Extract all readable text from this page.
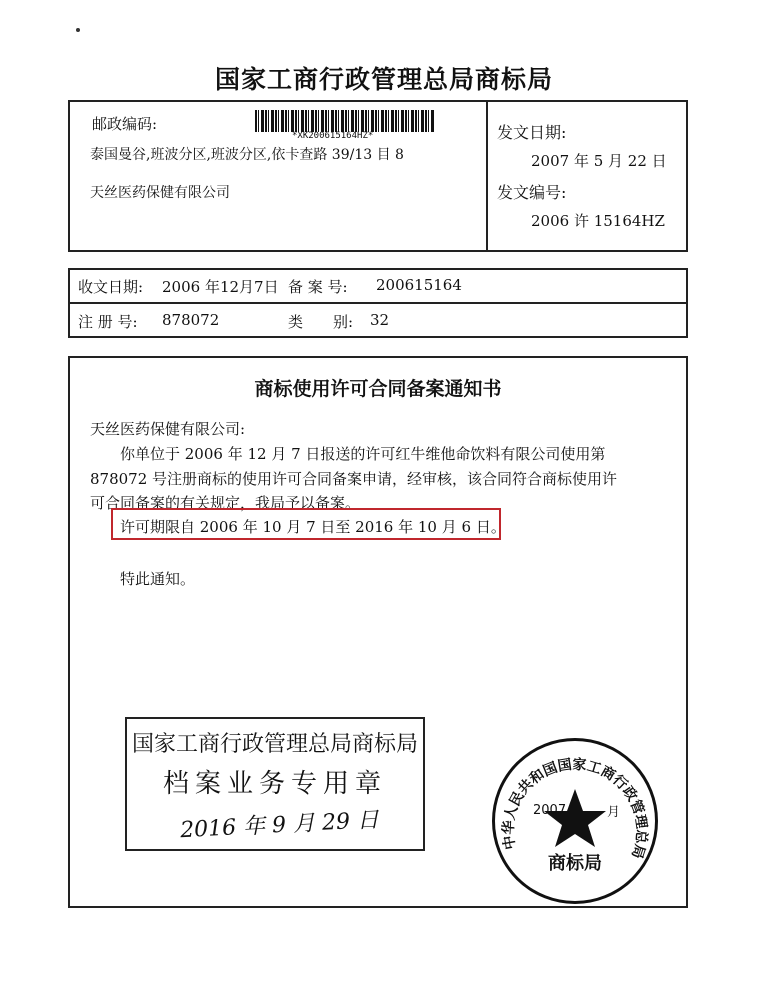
国家工商行政管理总局商标局
邮政编码:
*XK200615164HZ*
泰国曼谷,班波分区,班波分区,依卡查路 39/13 目 8
天丝医药保健有限公司
发文日期:
2007 年 5 月 22 日
发文编号:
2006 许 15164HZ
收文日期: 2006 年12月7日 备 案 号: 200615164
注 册 号: 878072	类　　别: 32
商标使用许可合同备案通知书
天丝医药保健有限公司:
你单位于 2006 年 12 月 7 日报送的许可红牛维他命饮料有限公司使用第
878072 号注册商标的使用许可合同备案申请，经审核，该合同符合商标使用许
可合同备案的有关规定，我局予以备案。
许可期限自 2006 年 10 月 7 日至 2016 年 10 月 6 日。
特此通知。
国家工商行政管理总局商标局
档案业务专用章
2016 年 9 月 29 日	中华人民共和国国家工商行政管理总局
2007	月
商标局
